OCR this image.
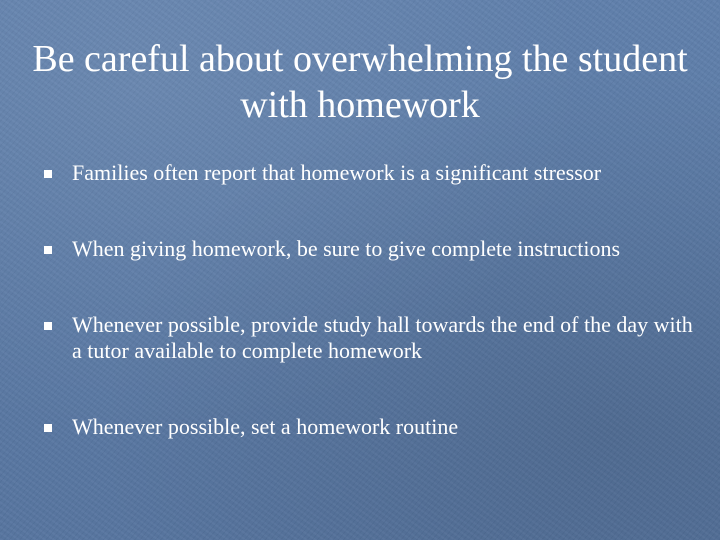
Be careful about overwhelming the student with homework
Families often report that homework is a significant stressor
When giving homework, be sure to give complete instructions
Whenever possible, provide study hall towards the end of the day with a tutor available to complete homework
Whenever possible, set a homework routine
